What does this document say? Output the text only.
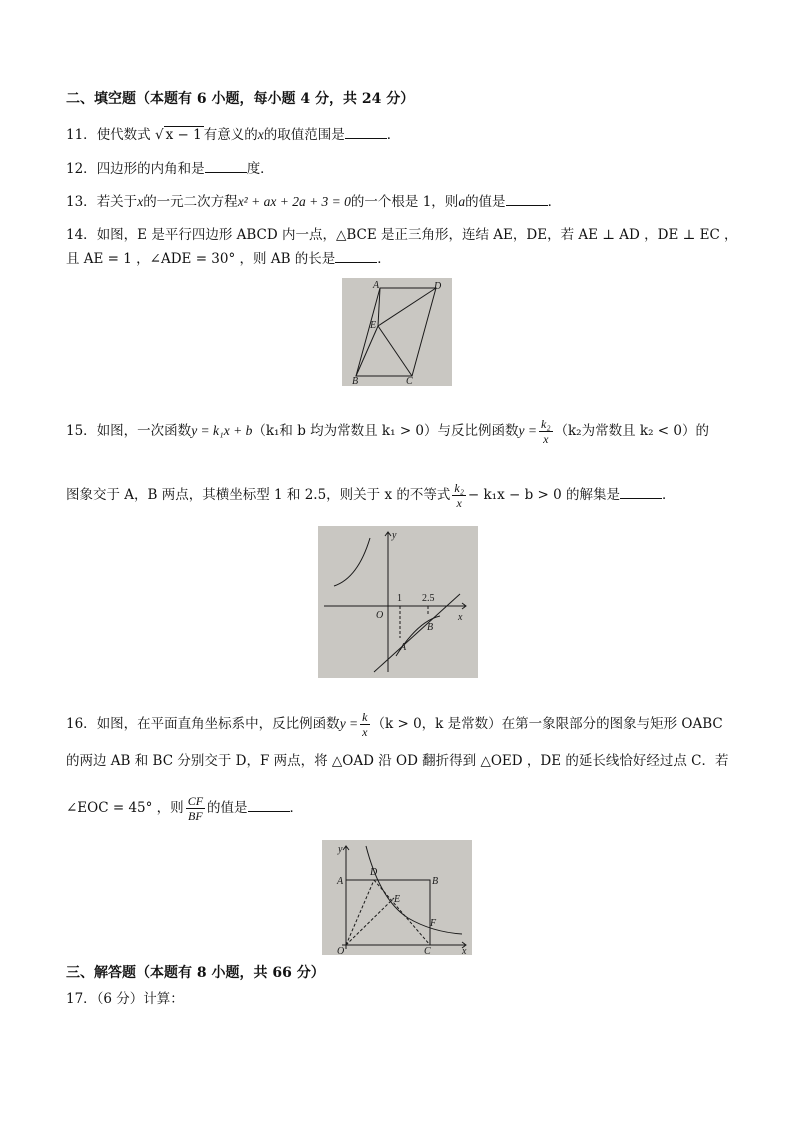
二、填空题（本题有 6 小题，每小题 4 分，共 24 分）
11．使代数式 √ x − 1 有意义的x的取值范围是	．
12．四边形的内角和是	度．
13．若关于x的一元二次方程x² + ax + 2a + 3 = 0的一个根是 1，则a的值是	．
14．如图，E 是平行四边形 ABCD 内一点，△BCE 是正三角形，连结 AE，DE，若 AE ⊥ AD ，DE ⊥ EC ，
且 AE = 1 ，∠ADE = 30° ，则 AB 的长是	．
A	D
E
B	C
15．如图，一次函数y = k₁x + b（k₁和 b 均为常数且 k₁ > 0）与反比例函数$y = \frac{\text{k₂}}{x} (k_2$为常数且 k₂ < 0）的
图象交于 A，B 两点，其横坐标型 1 和 2.5，则关于 x 的不等式 $\frac{\text{k₂}}{x} - k_1x - b > 0$ 的解集是	．
y
x
O
1 2.5
B
A
16．如图，在平面直角坐标系中，反比例函数$y = \frac{k}{x} (k > 0$，k 是常数）在第一象限部分的图象与矩形 OABC
的两边 AB 和 BC 分别交于 D，F 两点，将 △OAD 沿 OD 翻折得到 △OED ，DE 的延长线恰好经过点 C．若
∠EOC = 45° ，则 $\frac{CF}{BF}$ 的值是	．
y
A
D
B
E
F
O	C	x
三、解答题（本题有 8 小题，共 66 分）
17．（6 分）计算：
